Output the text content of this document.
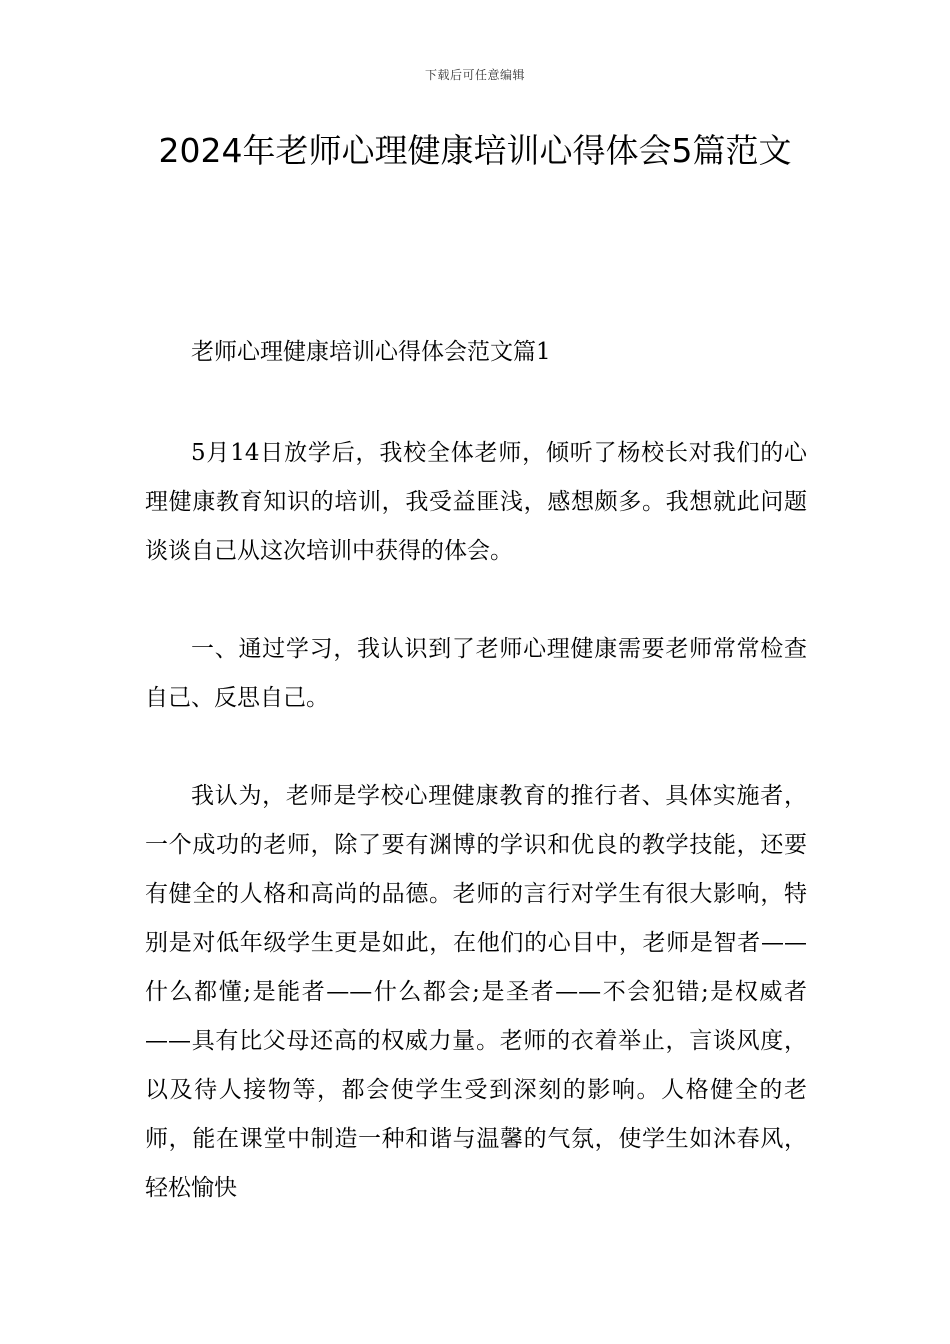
下载后可任意编辑
2024年老师心理健康培训心得体会5篇范文

老师心理健康培训心得体会范文篇1

5月14日放学后，我校全体老师，倾听了杨校长对我们的心理健康教育知识的培训，我受益匪浅，感想颇多。我想就此问题谈谈自己从这次培训中获得的体会。

一、通过学习，我认识到了老师心理健康需要老师常常检查自己、反思自己。

我认为，老师是学校心理健康教育的推行者、具体实施者，一个成功的老师，除了要有渊博的学识和优良的教学技能，还要有健全的人格和高尚的品德。老师的言行对学生有很大影响，特别是对低年级学生更是如此，在他们的心目中，老师是智者——什么都懂;是能者——什么都会;是圣者——不会犯错;是权威者——具有比父母还高的权威力量。老师的衣着举止，言谈风度，以及待人接物等，都会使学生受到深刻的影响。人格健全的老师，能在课堂中制造一种和谐与温馨的气氛，使学生如沐春风，轻松愉快
